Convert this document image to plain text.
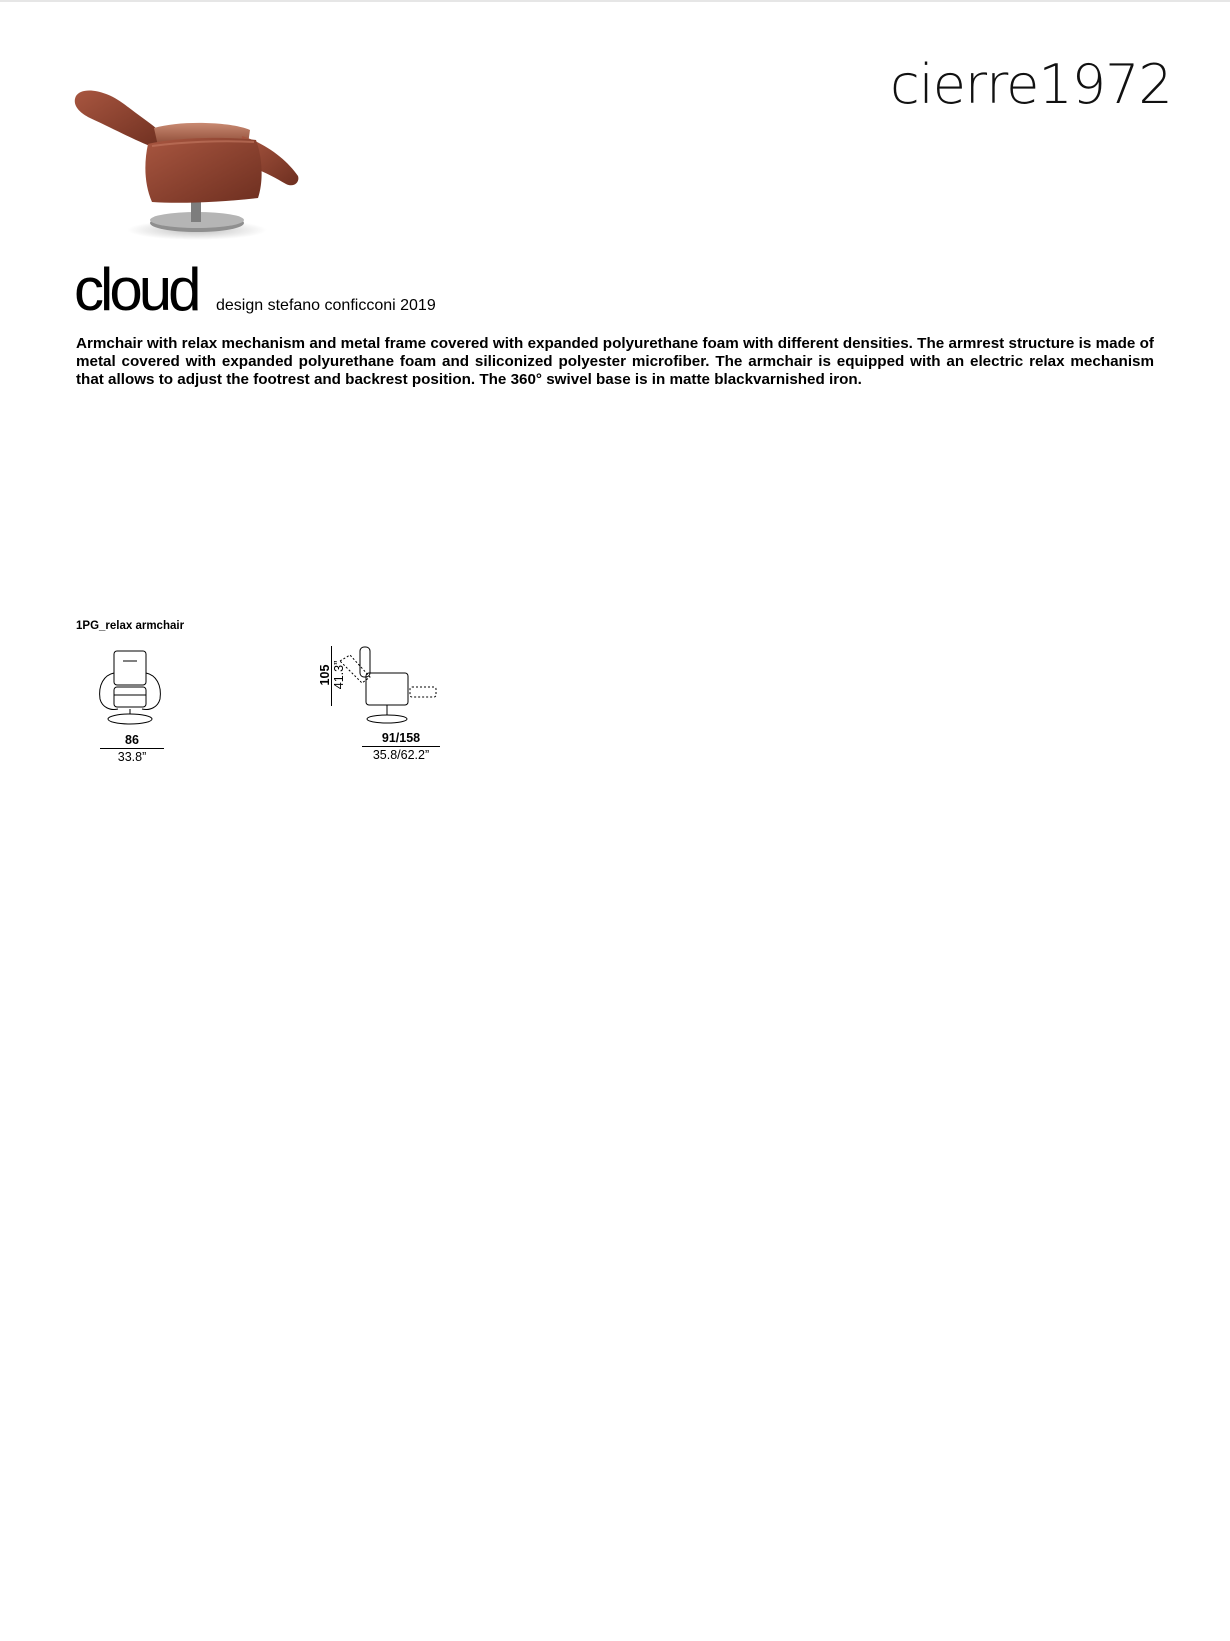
cierre1972
cloud design stefano conficconi 2019

Armchair with relax mechanism and metal frame covered with expanded polyurethane foam with different densities. The armrest structure is made of metal covered with expanded polyurethane foam and siliconized polyester microfiber. The armchair is equipped with an electric relax mechanism that allows to adjust the footrest and backrest position. The 360° swivel base is in matte blackvarnished iron.

1PG_relax armchair
86
33.8”
105 41.3”
91/158
35.8/62.2”
